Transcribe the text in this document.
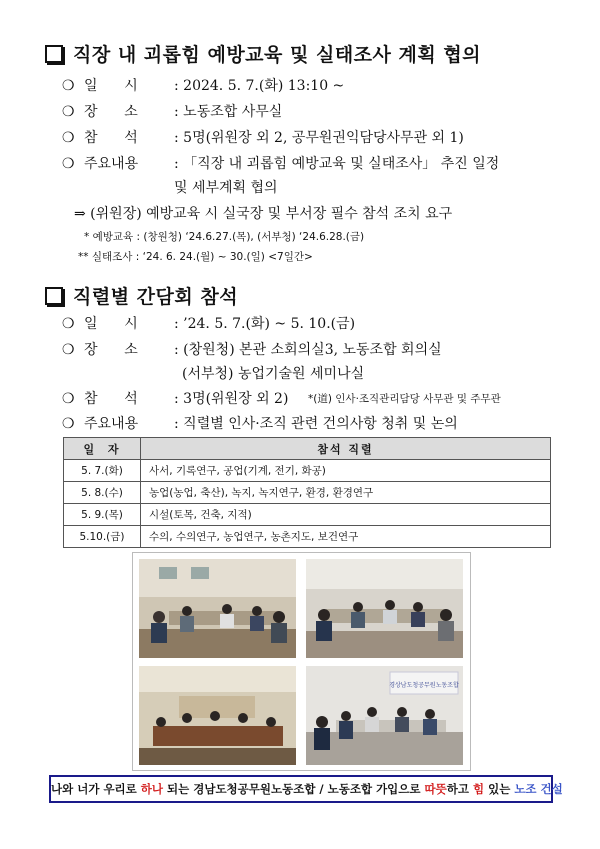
직장 내 괴롭힘 예방교육 및 실태조사 계획 협의
❍ 일      시	: 2024. 5. 7.(화) 13:10 ~
❍ 장      소	: 노동조합 사무실
❍ 참      석	: 5명(위원장 외 2, 공무원권익담당사무관 외 1)
❍ 주요내용	: 「직장 내 괴롭힘 예방교육 및 실태조사」 추진 일정
및 세부계획 협의
⇒ (위원장) 예방교육 시 실국장 및 부서장 필수 참석 조치 요구
* 예방교육 : (창원청) ‘24.6.27.(목), (서부청) ‘24.6.28.(금)
** 실태조사 : ‘24. 6. 24.(월) ~ 30.(일) <7일간>
직렬별 간담회 참석
❍ 일      시	: ’24. 5. 7.(화) ~ 5. 10.(금)
❍ 장      소	: (창원청) 본관 소회의실3, 노동조합 회의실
(서부청) 농업기술원 세미나실
❍ 참      석	: 3명(위원장 외 2) *(道) 인사·조직관리담당 사무관 및 주무관
❍ 주요내용	: 직렬별 인사·조직 관련 건의사항 청취 및 논의
일  자	참석 직렬
5. 7.(화)	사서, 기록연구, 공업(기계, 전기, 화공)
5. 8.(수)	농업(농업, 축산), 녹지, 녹지연구, 환경, 환경연구
5. 9.(목)	시설(토목, 건축, 지적)
5.10.(금)	수의, 수의연구, 농업연구, 농촌지도, 보건연구
경상남도청공무원노동조합
나와 너가 우리로 하나 되는 경남도청공무원노동조합 / 노동조합 가입으로 따뜻하고 힘 있는 노조 건설
